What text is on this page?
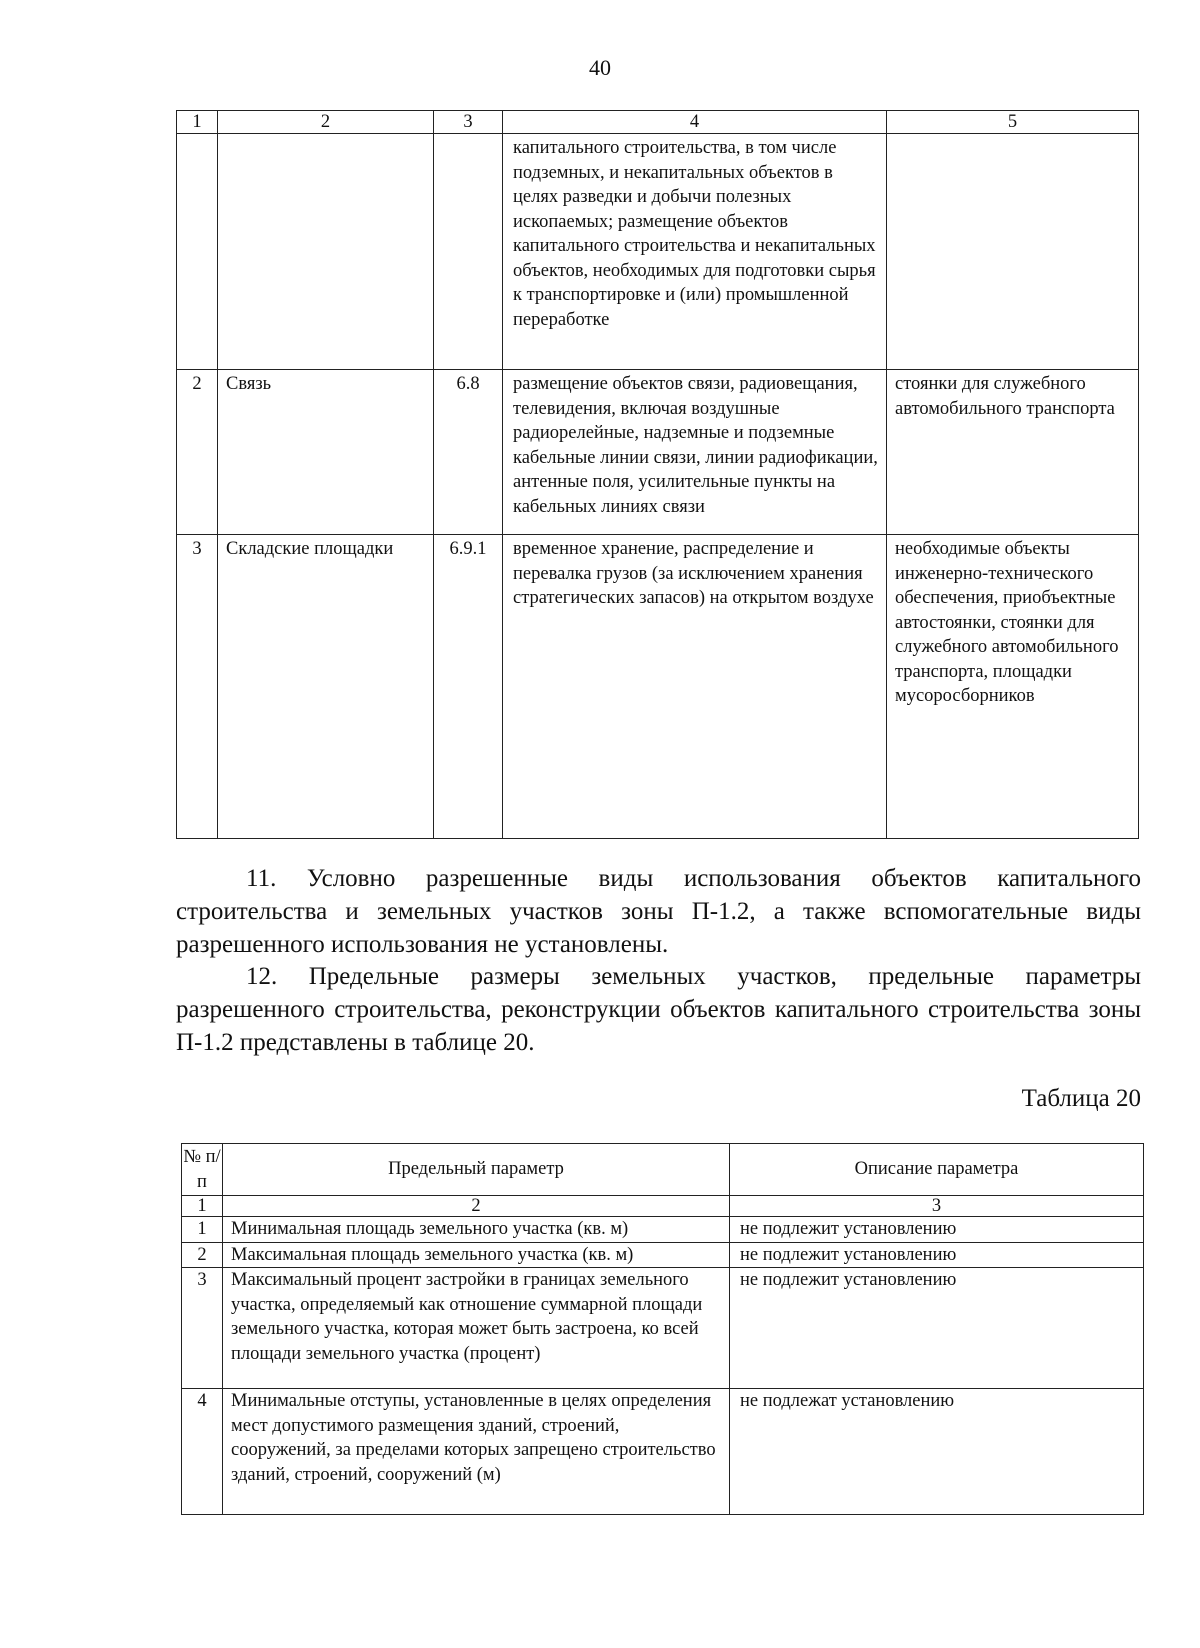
40
1	2	3	4	5
			капитального строительства, в том числе подземных, и некапитальных объектов в целях разведки и добычи полезных ископаемых; размещение объектов капитального строительства и некапитальных объектов, необходимых для подготовки сырья к транспортировке и (или) промышленной переработке	
2	Связь	6.8	размещение объектов связи, радиовещания, телевидения, включая воздушные радиорелейные, надземные и подземные кабельные линии связи, линии радиофикации, антенные поля, усилительные пункты на кабельных линиях связи	стоянки для служебного автомобильного транспорта
3	Складские площадки	6.9.1	временное хранение, распределение и перевалка грузов (за исключением хранения стратегических запасов) на открытом воздухе	необходимые объекты инженерно-технического обеспечения, приобъектные автостоянки, стоянки для служебного автомобильного транспорта, площадки мусоросборников
11. Условно разрешенные виды использования объектов капитального строительства и земельных участков зоны П-1.2, а также вспомогательные виды разрешенного использования не установлены.
12. Предельные размеры земельных участков, предельные параметры разрешенного строительства, реконструкции объектов капитального строительства зоны П-1.2 представлены в таблице 20.
Таблица 20
№ п/п	Предельный параметр	Описание параметра
1	2	3
1	Минимальная площадь земельного участка (кв. м)	не подлежит установлению
2	Максимальная площадь земельного участка (кв. м)	не подлежит установлению
3	Максимальный процент застройки в границах земельного участка, определяемый как отношение суммарной площади земельного участка, которая может быть застроена, ко всей площади земельного участка (процент)	не подлежит установлению
4	Минимальные отступы, установленные в целях определения мест допустимого размещения зданий, строений, сооружений, за пределами которых запрещено строительство зданий, строений, сооружений (м)	не подлежат установлению
